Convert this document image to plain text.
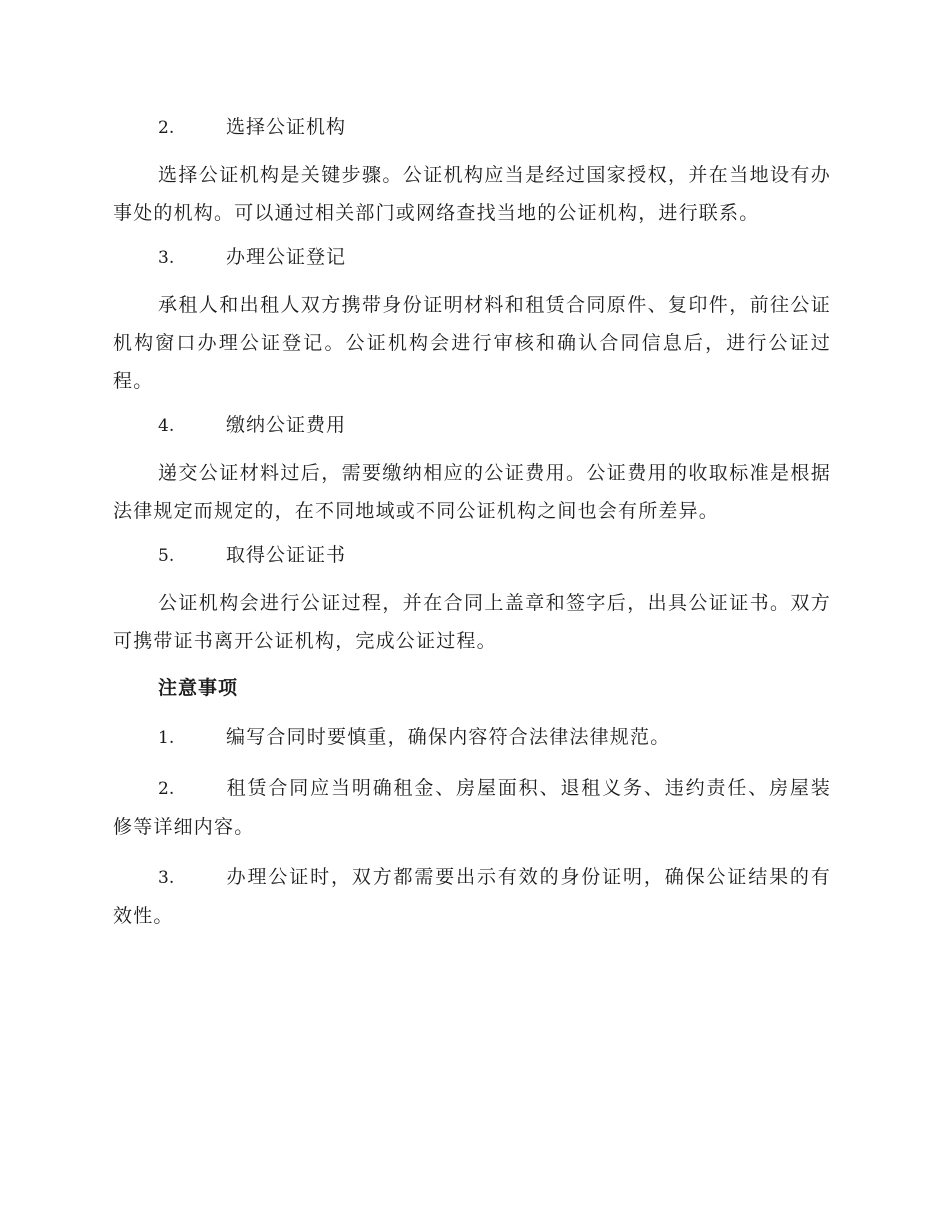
2.	选择公证机构

选择公证机构是关键步骤。公证机构应当是经过国家授权，并在当地设有办事处的机构。可以通过相关部门或网络查找当地的公证机构，进行联系。

3.	办理公证登记

承租人和出租人双方携带身份证明材料和租赁合同原件、复印件，前往公证机构窗口办理公证登记。公证机构会进行审核和确认合同信息后，进行公证过程。

4.	缴纳公证费用

递交公证材料过后，需要缴纳相应的公证费用。公证费用的收取标准是根据法律规定而规定的，在不同地域或不同公证机构之间也会有所差异。

5.	取得公证证书

公证机构会进行公证过程，并在合同上盖章和签字后，出具公证证书。双方可携带证书离开公证机构，完成公证过程。

注意事项

1.	编写合同时要慎重，确保内容符合法律法律规范。

2.	租赁合同应当明确租金、房屋面积、退租义务、违约责任、房屋装修等详细内容。

3.	办理公证时，双方都需要出示有效的身份证明，确保公证结果的有效性。
